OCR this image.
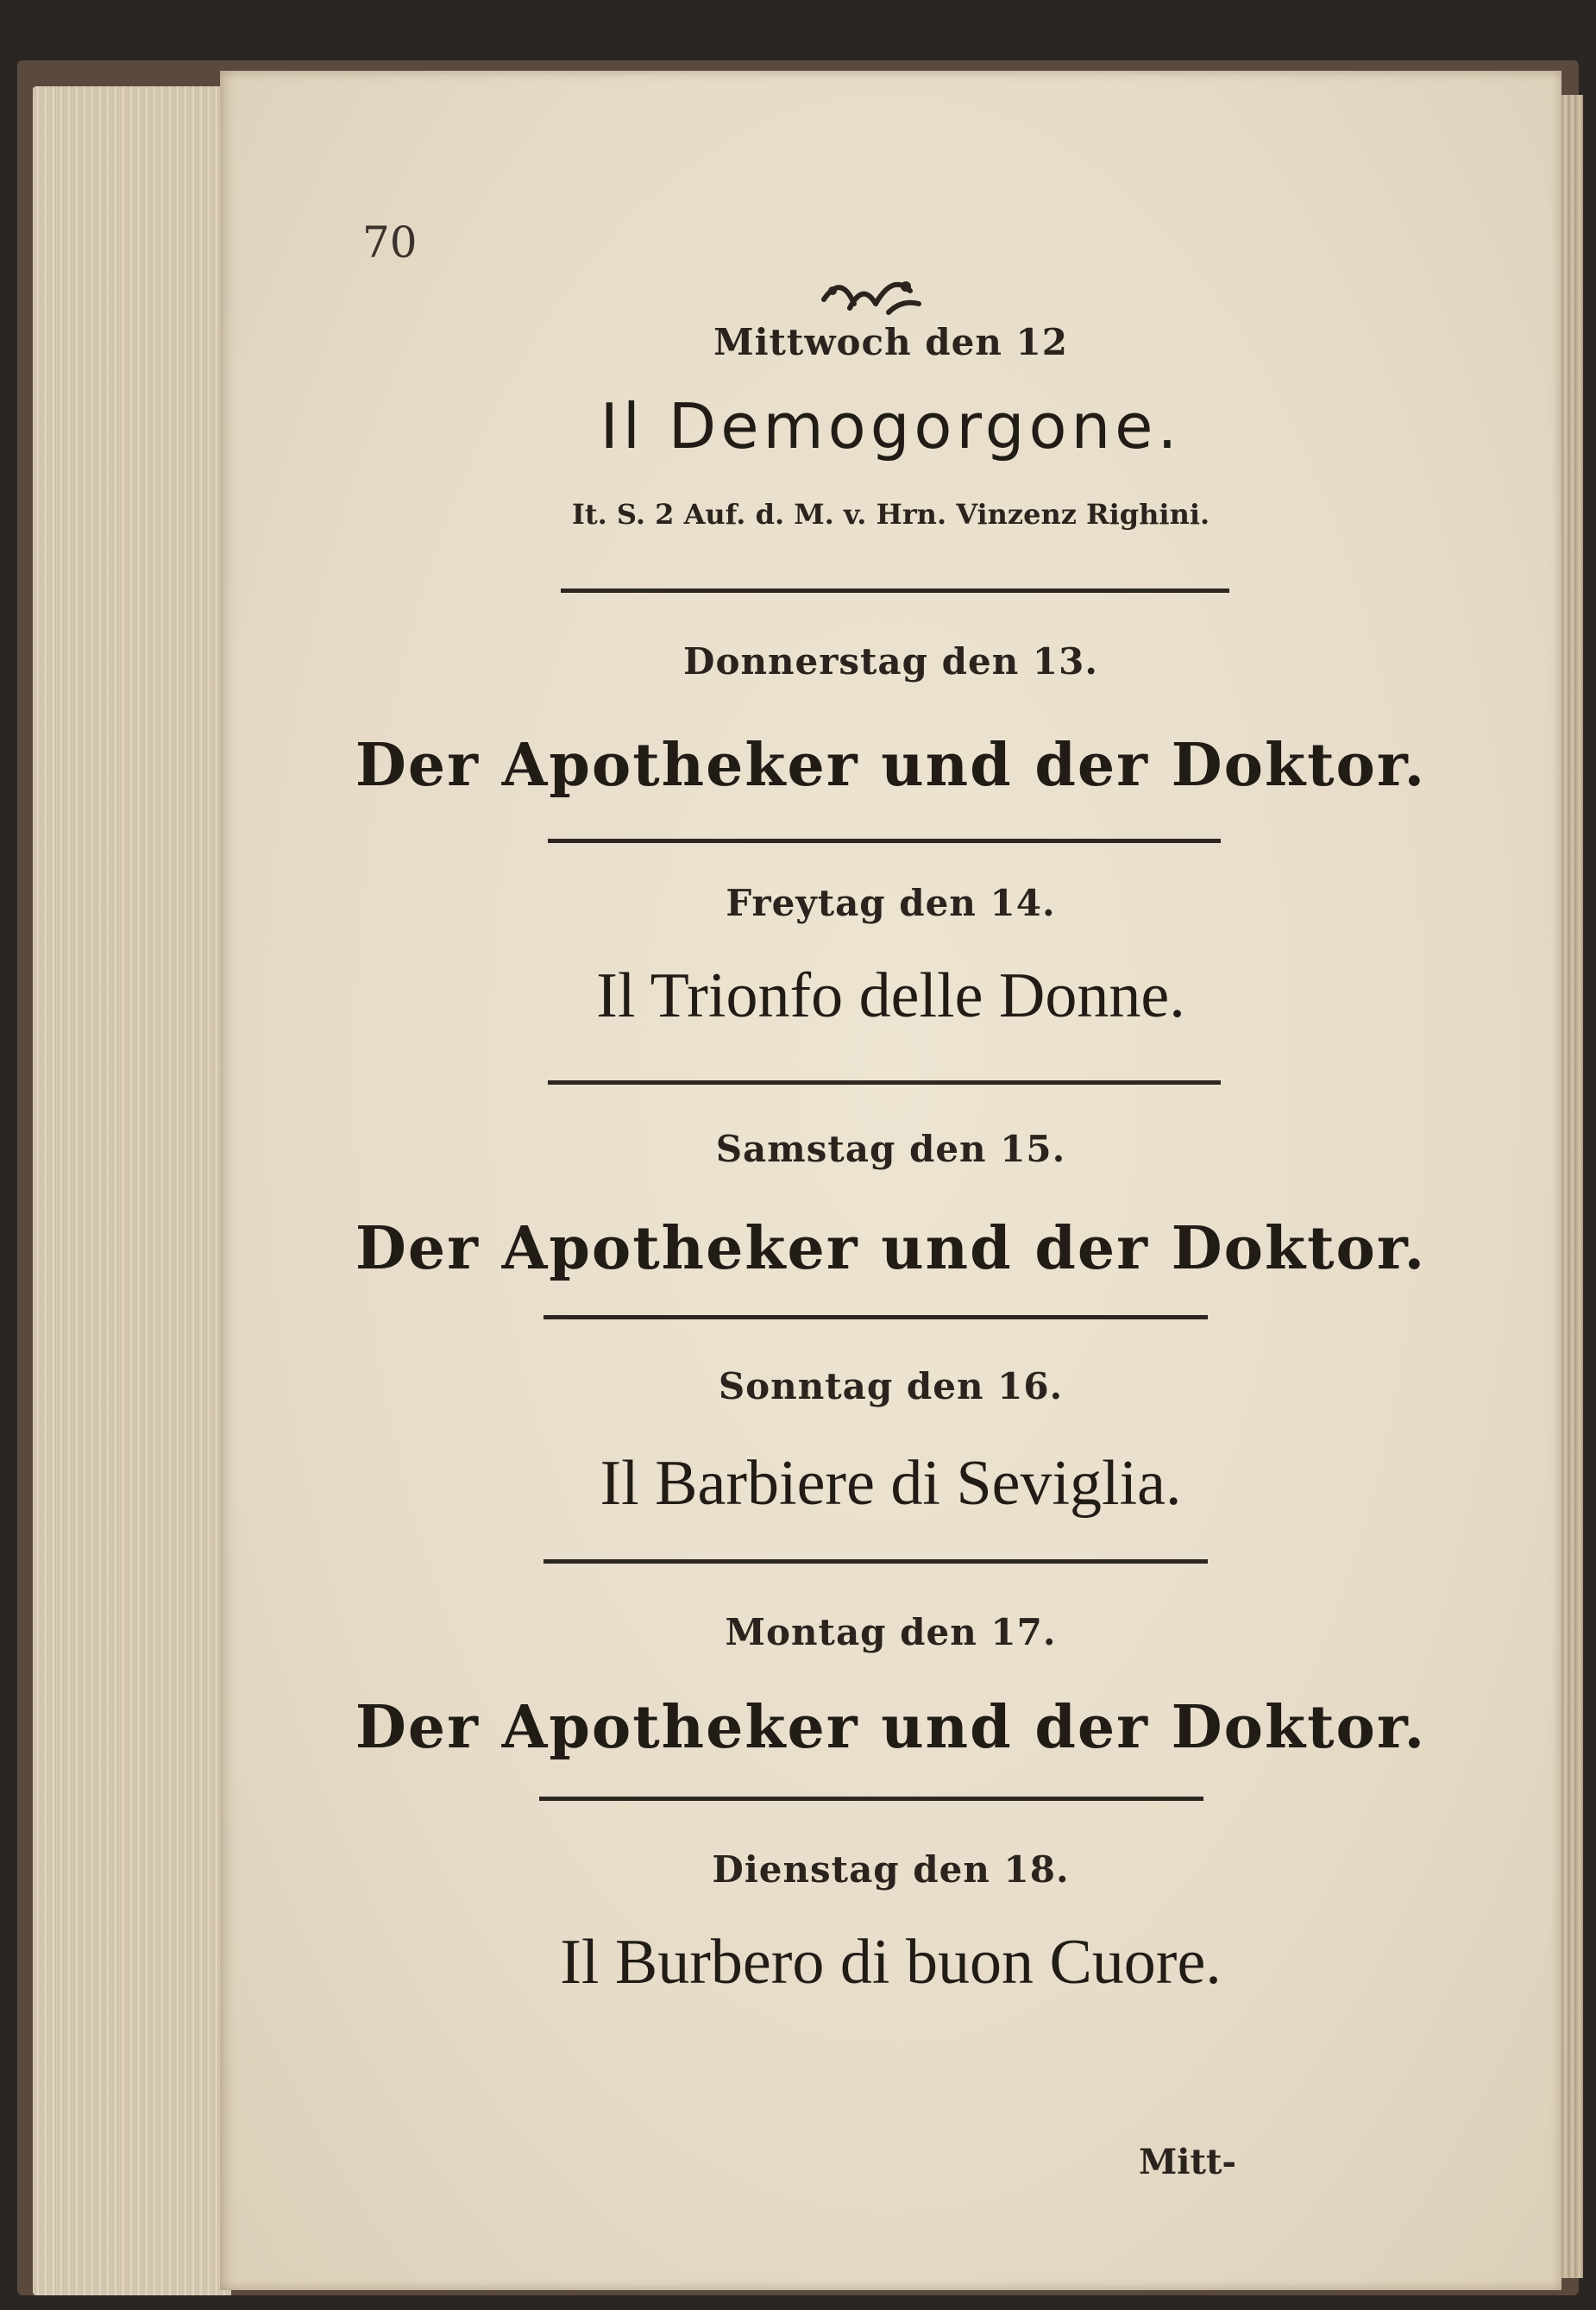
70

Mittwoch den 12

Il Demogorgone.

It. S. 2 Auf. d. M. v. Hrn. Vinzenz Righini.

Donnerstag den 13.

Der Apotheker und der Doktor.

Freytag den 14.

Il Trionfo delle Donne.

Samstag den 15.

Der Apotheker und der Doktor.

Sonntag den 16.

Il Barbiere di Seviglia.

Montag den 17.

Der Apotheker und der Doktor.

Dienstag den 18.

Il Burbero di buon Cuore.

Mitt-
